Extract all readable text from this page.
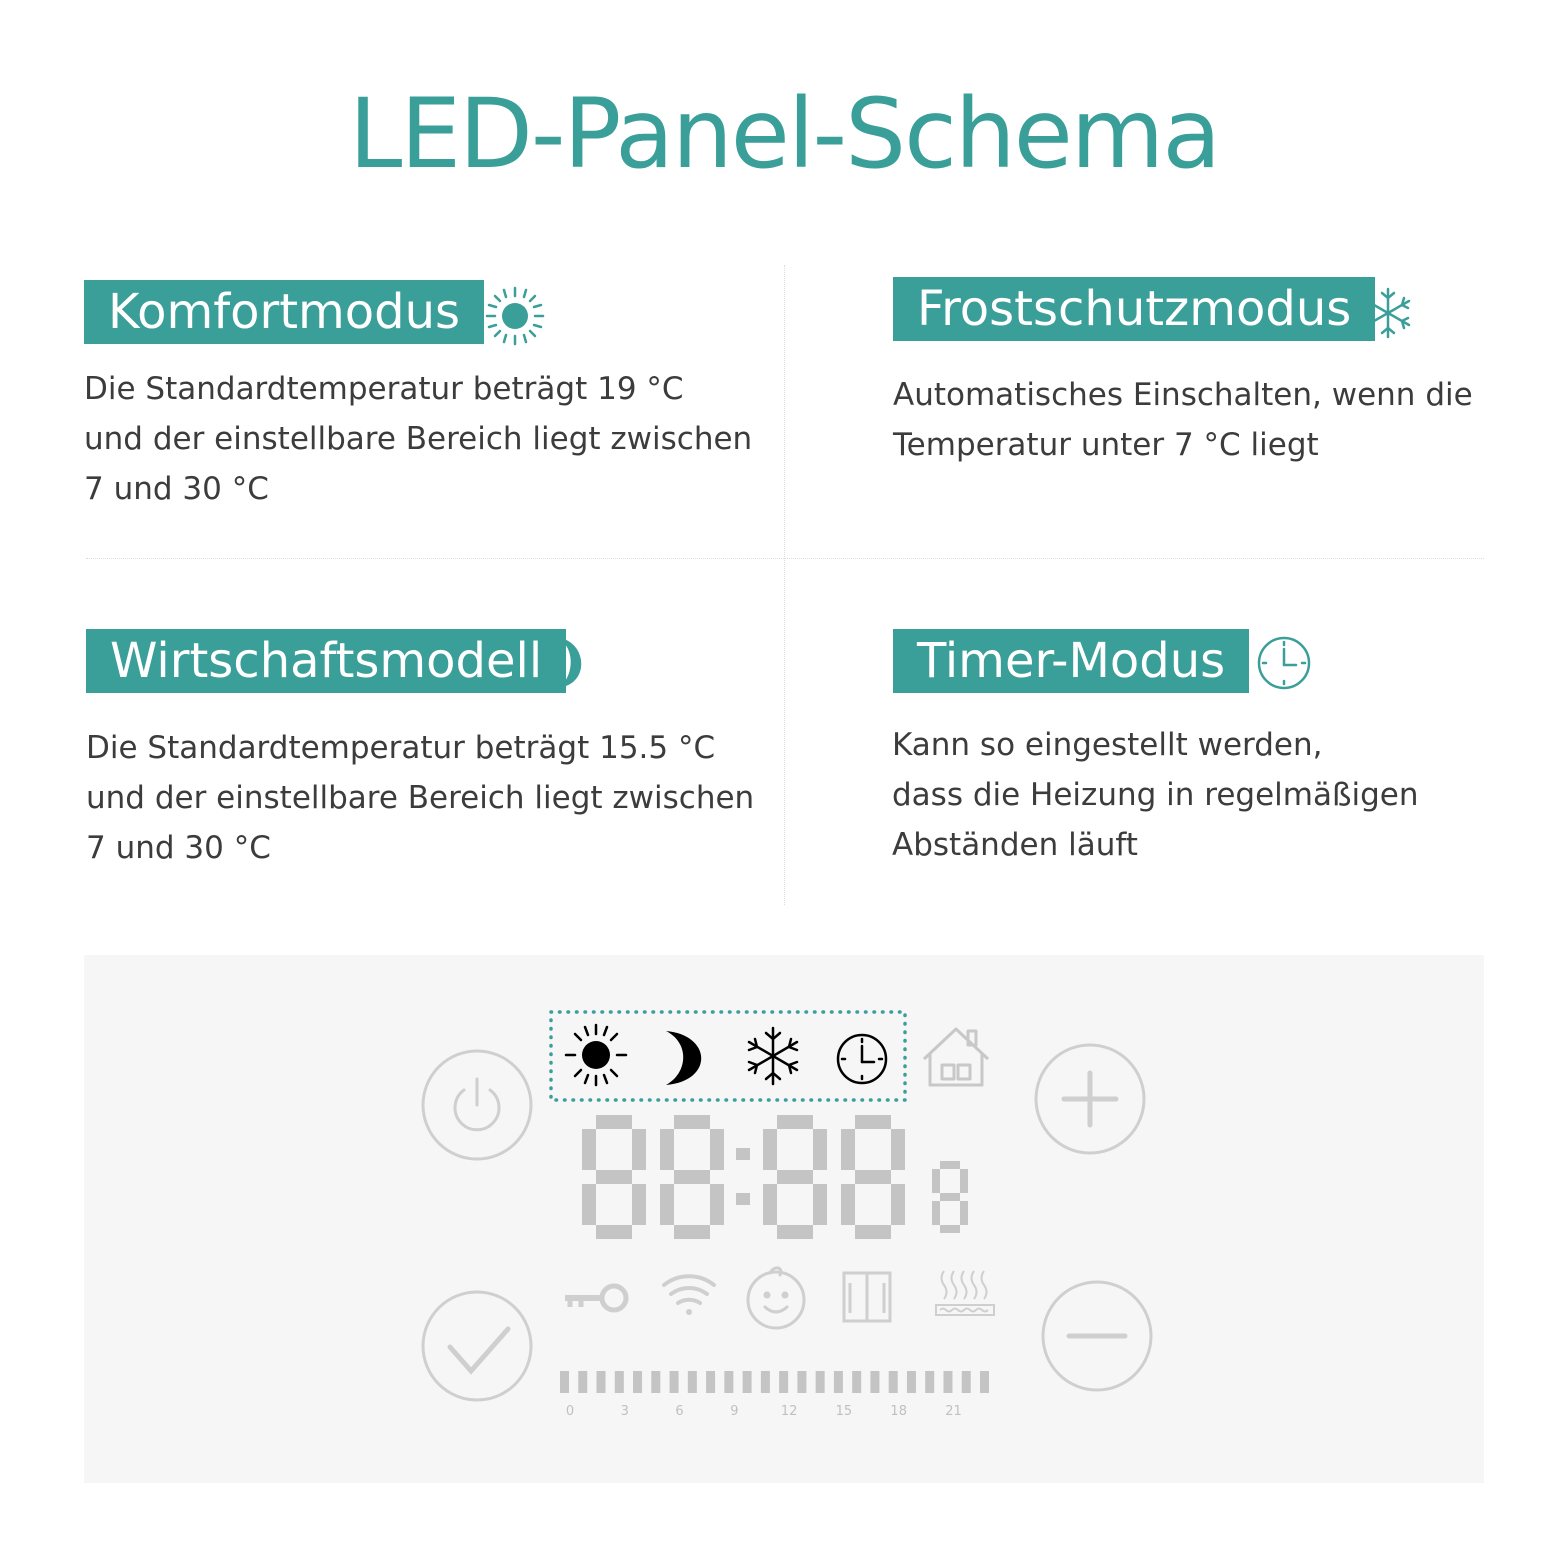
LED-Panel-Schema
Komfortmodus
Die Standardtemperatur beträgt 19 °C
und der einstellbare Bereich liegt zwischen
7 und 30 °C
Frostschutzmodus
Automatisches Einschalten, wenn die
Temperatur unter 7 °C liegt
Wirtschaftsmodell
Die Standardtemperatur beträgt 15.5 °C
und der einstellbare Bereich liegt zwischen
7 und 30 °C
Timer-Modus
Kann so eingestellt werden,
dass die Heizung in regelmäßigen
Abständen läuft
0	3	6	9	12	15	18	21
